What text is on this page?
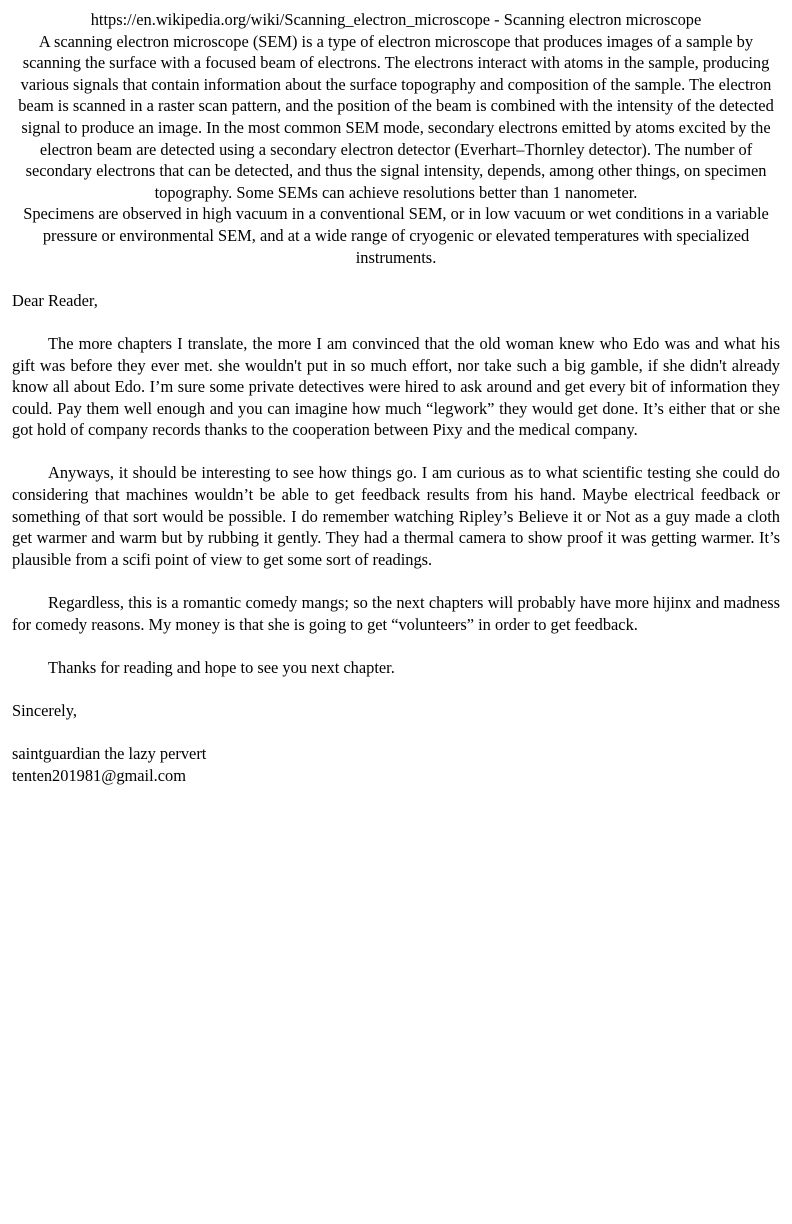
https://en.wikipedia.org/wiki/Scanning_electron_microscope - Scanning electron microscope

A scanning electron microscope (SEM) is a type of electron microscope that produces images of a sample by scanning the surface with a focused beam of electrons. The electrons interact with atoms in the sample, producing various signals that contain information about the surface topography and composition of the sample. The electron beam is scanned in a raster scan pattern, and the position of the beam is combined with the intensity of the detected signal to produce an image. In the most common SEM mode, secondary electrons emitted by atoms excited by the electron beam are detected using a secondary electron detector (Everhart–Thornley detector). The number of secondary electrons that can be detected, and thus the signal intensity, depends, among other things, on specimen topography. Some SEMs can achieve resolutions better than 1 nanometer.

Specimens are observed in high vacuum in a conventional SEM, or in low vacuum or wet conditions in a variable pressure or environmental SEM, and at a wide range of cryogenic or elevated temperatures with specialized instruments.

Dear Reader,

The more chapters I translate, the more I am convinced that the old woman knew who Edo was and what his gift was before they ever met. she wouldn't put in so much effort, nor take such a big gamble, if she didn't already know all about Edo. I’m sure some private detectives were hired to ask around and get every bit of information they could. Pay them well enough and you can imagine how much “legwork” they would get done. It’s either that or she got hold of company records thanks to the cooperation between Pixy and the medical company.

Anyways, it should be interesting to see how things go. I am curious as to what scientific testing she could do considering that machines wouldn’t be able to get feedback results from his hand. Maybe electrical feedback or something of that sort would be possible. I do remember watching Ripley’s Believe it or Not as a guy made a cloth get warmer and warm but by rubbing it gently. They had a thermal camera to show proof it was getting warmer. It’s plausible from a scifi point of view to get some sort of readings.

Regardless, this is a romantic comedy mangs; so the next chapters will probably have more hijinx and madness for comedy reasons. My money is that she is going to get “volunteers” in order to get feedback.

Thanks for reading and hope to see you next chapter.

Sincerely,

saintguardian the lazy pervert

tenten201981@gmail.com
